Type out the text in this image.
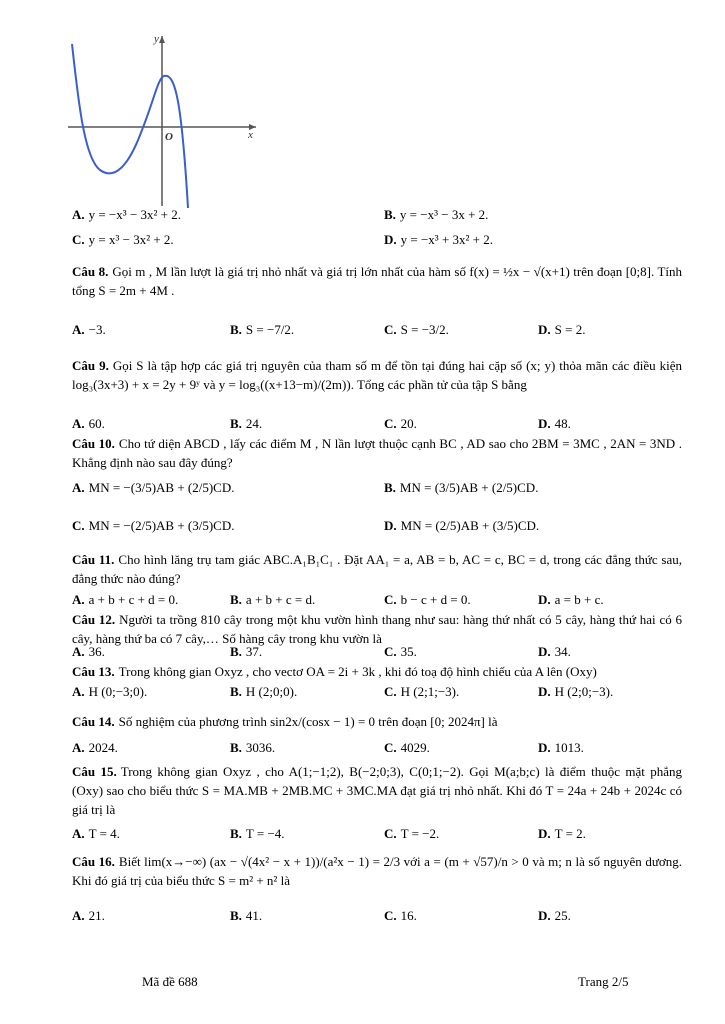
y
x
O
A. y = −x³ − 3x² + 2.	B. y = −x³ − 3x + 2.
C. y = x³ − 3x² + 2.	D. y = −x³ + 3x² + 2.
Câu 8. Gọi m , M lần lượt là giá trị nhỏ nhất và giá trị lớn nhất của hàm số f(x) = ½x − √(x+1) trên đoạn [0;8]. Tính tổng S = 2m + 4M .
A. −3.	B. S = −7/2.	C. S = −3/2.	D. S = 2.
Câu 9. Gọi S là tập hợp các giá trị nguyên của tham số m để tồn tại đúng hai cặp số (x; y) thỏa mãn các điều kiện log₃(3x+3) + x = 2y + 9ʸ và y = log₃((x+13−m)/(2m)). Tổng các phần tử của tập S bằng
A. 60.	B. 24.	C. 20.	D. 48.
Câu 10. Cho tứ diện ABCD , lấy các điểm M , N lần lượt thuộc cạnh BC , AD sao cho 2BM = 3MC , 2AN = 3ND . Khẳng định nào sau đây đúng?
A. MN = −(3/5)AB + (2/5)CD.	B. MN = (3/5)AB + (2/5)CD.
C. MN = −(2/5)AB + (3/5)CD.	D. MN = (2/5)AB + (3/5)CD.
Câu 11. Cho hình lăng trụ tam giác ABC.A₁B₁C₁ . Đặt AA₁ = a, AB = b, AC = c, BC = d, trong các đẳng thức sau, đẳng thức nào đúng?
A. a + b + c + d = 0.	B. a + b + c = d.	C. b − c + d = 0.	D. a = b + c.
Câu 12. Người ta trồng 810 cây trong một khu vườn hình thang như sau: hàng thứ nhất có 5 cây, hàng thứ hai có 6 cây, hàng thứ ba có 7 cây,… Số hàng cây trong khu vườn là
A. 36.	B. 37.	C. 35.	D. 34.
Câu 13. Trong không gian Oxyz , cho vectơ OA = 2i + 3k , khi đó toạ độ hình chiếu của A lên (Oxy)
A. H (0;−3;0).	B. H (2;0;0).	C. H (2;1;−3).	D. H (2;0;−3).
Câu 14. Số nghiệm của phương trình sin2x/(cosx − 1) = 0 trên đoạn [0; 2024π] là
A. 2024.	B. 3036.	C. 4029.	D. 1013.
Câu 15. Trong không gian Oxyz , cho A(1;−1;2), B(−2;0;3), C(0;1;−2). Gọi M(a;b;c) là điểm thuộc mặt phẳng (Oxy) sao cho biểu thức S = MA.MB + 2MB.MC + 3MC.MA đạt giá trị nhỏ nhất. Khi đó T = 24a + 24b + 2024c có giá trị là
A. T = 4.	B. T = −4.	C. T = −2.	D. T = 2.
Câu 16. Biết lim(x→−∞) (ax − √(4x² − x + 1))/(a²x − 1) = 2/3 với a = (m + √57)/n > 0 và m; n là số nguyên dương. Khi đó giá trị của biểu thức S = m² + n² là
A. 21.	B. 41.	C. 16.	D. 25.
Mã đề 688	Trang 2/5
